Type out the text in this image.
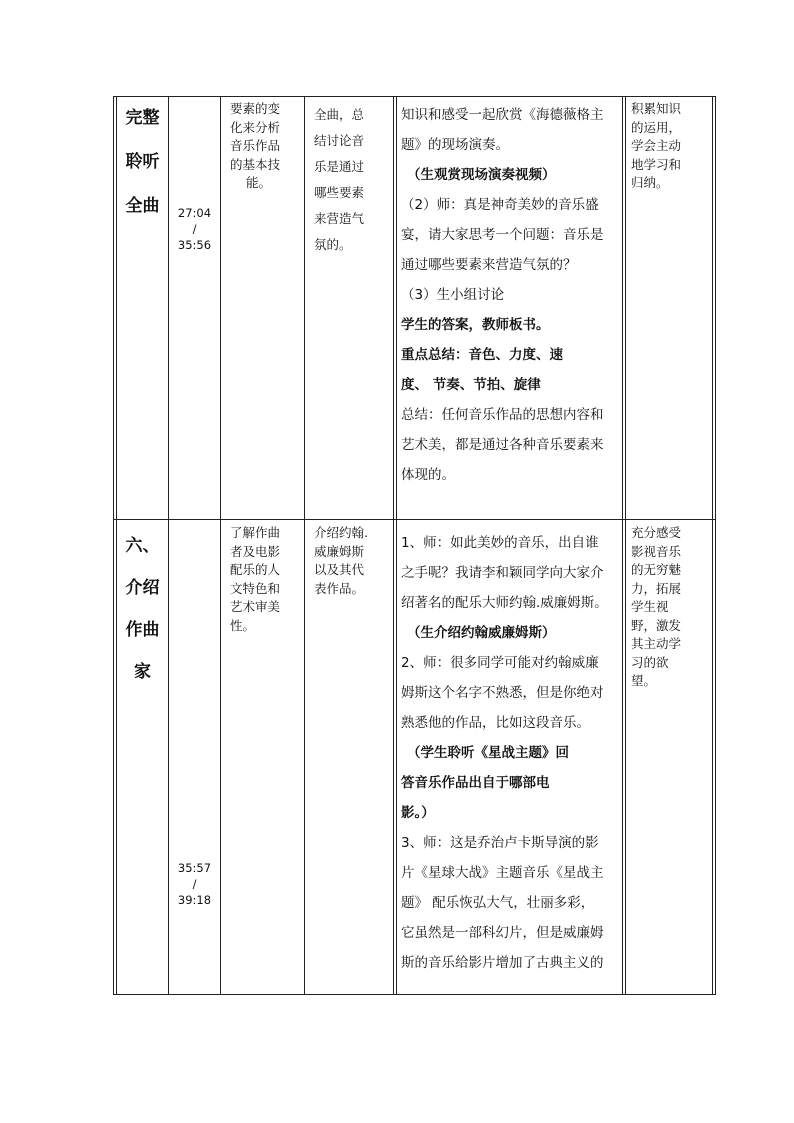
完整
聆听
全曲	27:04
/
35:56
要素的变
化来分析
音乐作品
的基本技
能。
全曲，总
结讨论音
乐是通过
哪些要素
来营造气
氛的。
知识和感受一起欣赏《海德薇格主
题》的现场演奏。
（生观赏现场演奏视频）
（2）师：真是神奇美妙的音乐盛
宴，请大家思考一个问题：音乐是
通过哪些要素来营造气氛的？
（3）生小组讨论
学生的答案，教师板书。
重点总结：音色、力度、速
度、 节奏、节拍、旋律
总结：任何音乐作品的思想内容和
艺术美，都是通过各种音乐要素来
体现的。
积累知识
的运用，
学会主动
地学习和
归纳。
六、
介绍
作曲
家
35:57
/
39:18
了解作曲
者及电影
配乐的人
文特色和
艺术审美
性。
介绍约翰.
威廉姆斯
以及其代
表作品。
1、师：如此美妙的音乐，出自谁
之手呢？我请李和颖同学向大家介
绍著名的配乐大师约翰.威廉姆斯。
（生介绍约翰威廉姆斯）
2、师：很多同学可能对约翰威廉
姆斯这个名字不熟悉，但是你绝对
熟悉他的作品，比如这段音乐。
（学生聆听《星战主题》回
答音乐作品出自于哪部电
影。）
3、师：这是乔治卢卡斯导演的影
片《星球大战》主题音乐《星战主
题》 配乐恢弘大气，壮丽多彩，
它虽然是一部科幻片，但是威廉姆
斯的音乐给影片增加了古典主义的
充分感受
影视音乐
的无穷魅
力，拓展
学生视
野，激发
其主动学
习的欲
望。
